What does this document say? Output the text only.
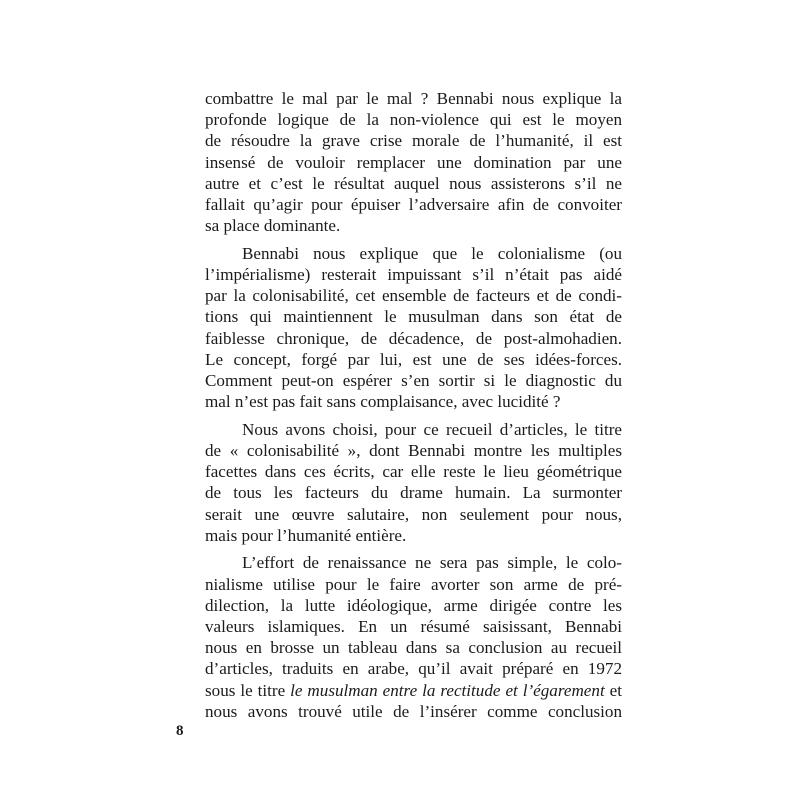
combattre le mal par le mal ? Bennabi nous explique la
profonde logique de la non-violence qui est le moyen
de résoudre la grave crise morale de l’humanité, il est
insensé de vouloir remplacer une domination par une
autre et c’est le résultat auquel nous assisterons s’il ne
fallait qu’agir pour épuiser l’adversaire afin de convoiter
sa place dominante.
Bennabi nous explique que le colonialisme (ou
l’impérialisme) resterait impuissant s’il n’était pas aidé
par la colonisabilité, cet ensemble de facteurs et de condi-
tions qui maintiennent le musulman dans son état de
faiblesse chronique, de décadence, de post-almohadien.
Le concept, forgé par lui, est une de ses idées-forces.
Comment peut-on espérer s’en sortir si le diagnostic du
mal n’est pas fait sans complaisance, avec lucidité ?
Nous avons choisi, pour ce recueil d’articles, le titre
de « colonisabilité », dont Bennabi montre les multiples
facettes dans ces écrits, car elle reste le lieu géométrique
de tous les facteurs du drame humain. La surmonter
serait une œuvre salutaire, non seulement pour nous,
mais pour l’humanité entière.
L’effort de renaissance ne sera pas simple, le colo-
nialisme utilise pour le faire avorter son arme de pré-
dilection, la lutte idéologique, arme dirigée contre les
valeurs islamiques. En un résumé saisissant, Bennabi
nous en brosse un tableau dans sa conclusion au recueil
d’articles, traduits en arabe, qu’il avait préparé en 1972
sous le titre le musulman entre la rectitude et l’égarement et
nous avons trouvé utile de l’insérer comme conclusion
8
